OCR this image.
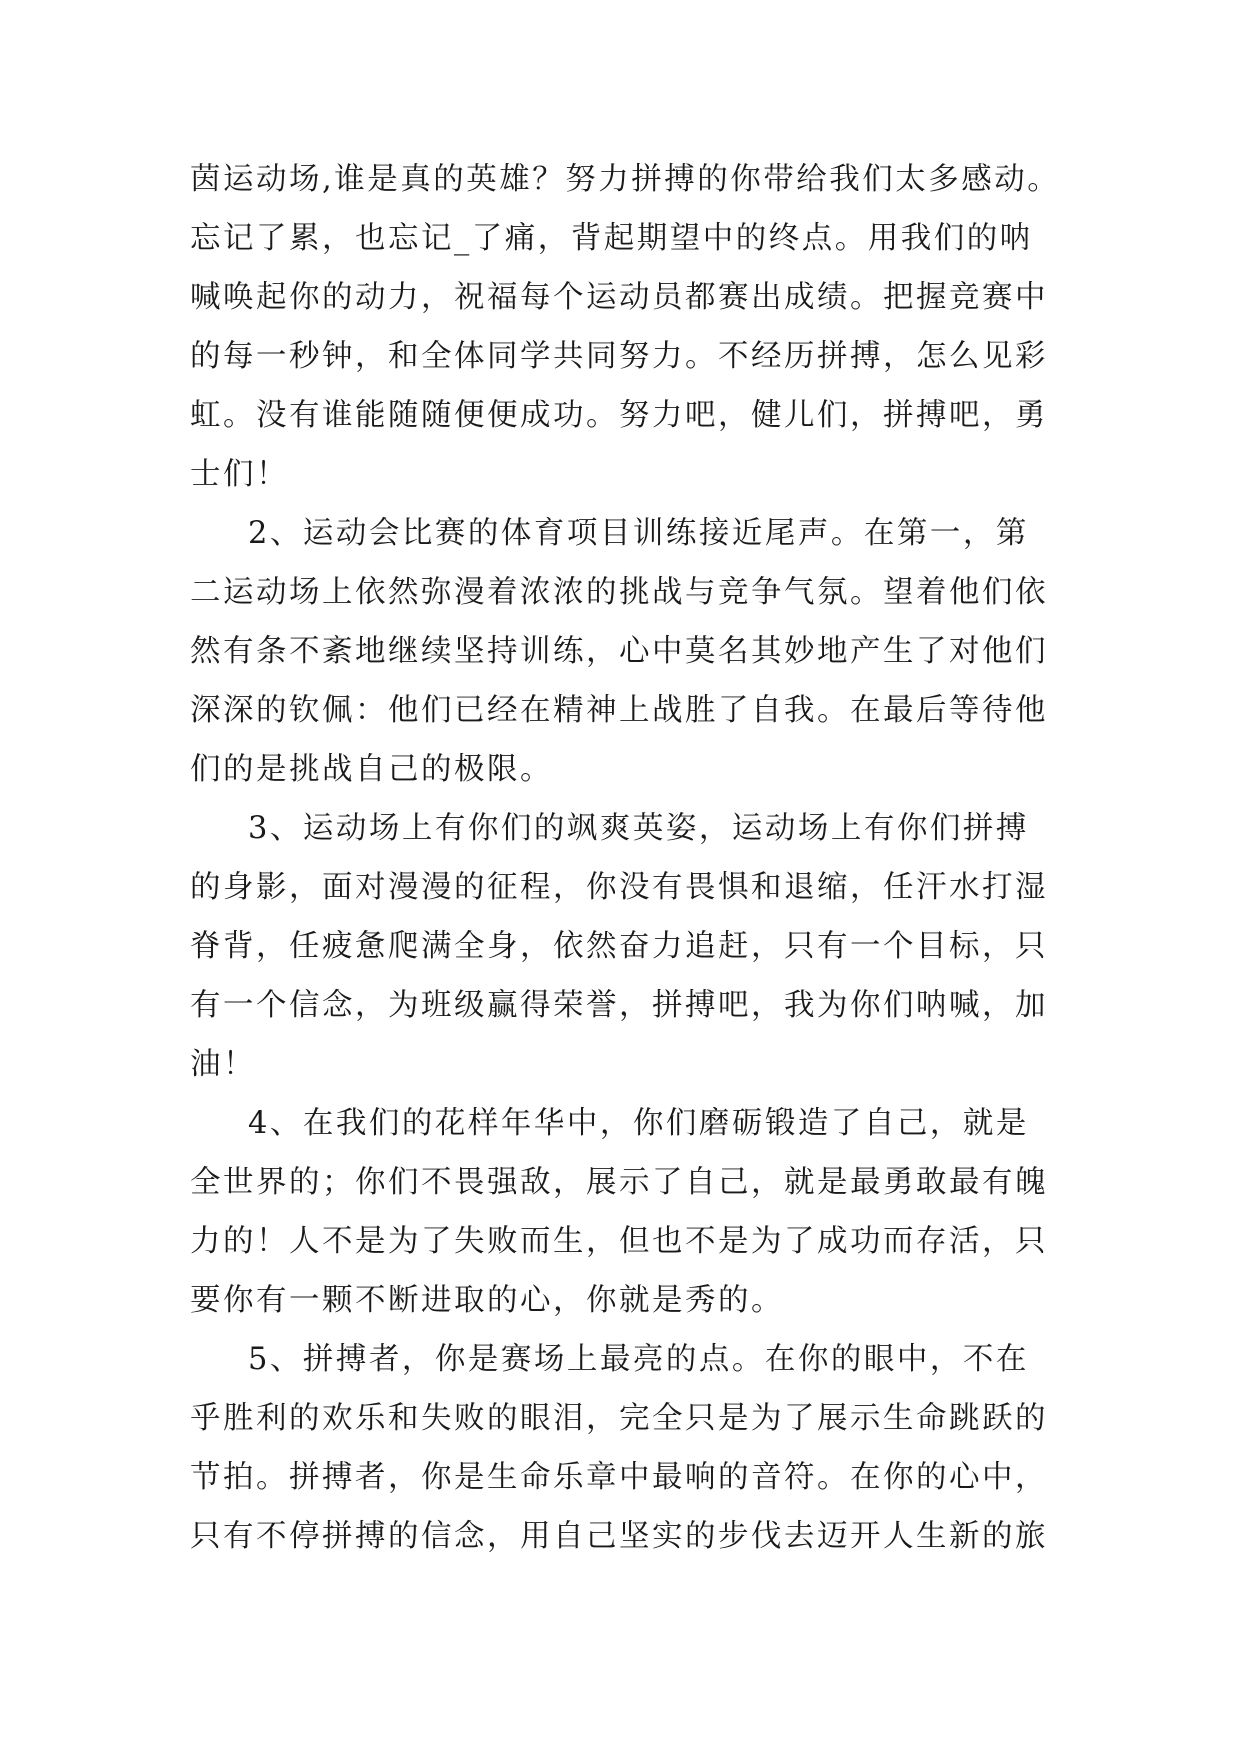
茵运动场,谁是真的英雄？努力拼搏的你带给我们太多感动。
忘记了累，也忘记_了痛，背起期望中的终点。用我们的呐
喊唤起你的动力，祝福每个运动员都赛出成绩。把握竞赛中
的每一秒钟，和全体同学共同努力。不经历拼搏，怎么见彩
虹。没有谁能随随便便成功。努力吧，健儿们，拼搏吧，勇
士们！
2、运动会比赛的体育项目训练接近尾声。在第一，第
二运动场上依然弥漫着浓浓的挑战与竞争气氛。望着他们依
然有条不紊地继续坚持训练，心中莫名其妙地产生了对他们
深深的钦佩：他们已经在精神上战胜了自我。在最后等待他
们的是挑战自己的极限。
3、运动场上有你们的飒爽英姿，运动场上有你们拼搏
的身影，面对漫漫的征程，你没有畏惧和退缩，任汗水打湿
脊背，任疲惫爬满全身，依然奋力追赶，只有一个目标，只
有一个信念，为班级赢得荣誉，拼搏吧，我为你们呐喊，加
油！
4、在我们的花样年华中，你们磨砺锻造了自己，就是
全世界的；你们不畏强敌，展示了自己，就是最勇敢最有魄
力的！人不是为了失败而生，但也不是为了成功而存活，只
要你有一颗不断进取的心，你就是秀的。
5、拼搏者，你是赛场上最亮的点。在你的眼中，不在
乎胜利的欢乐和失败的眼泪，完全只是为了展示生命跳跃的
节拍。拼搏者，你是生命乐章中最响的音符。在你的心中，
只有不停拼搏的信念，用自己坚实的步伐去迈开人生新的旅
